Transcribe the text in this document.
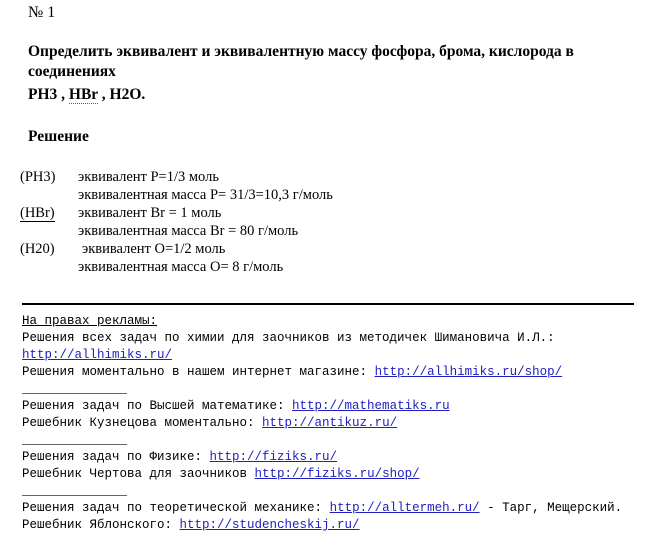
№ 1
Определить эквивалент и эквивалентную массу фосфора, брома, кислорода в соединениях
PH3 , HBr , H2O.
Решение
(PH3) эквивалент P=1/3 моль
эквивалентная масса P= 31/3=10,3 г/моль
(HBr) эквивалент Br = 1 моль
эквивалентная масса Br = 80 г/моль
(H20) эквивалент O=1/2 моль
эквивалентная масса O= 8 г/моль
На правах рекламы:
Решения всех задач по химии для заочников из методичек Шимановича И.Л.:
http://allhimiks.ru/
Решения моментально в нашем интернет магазине: http://allhimiks.ru/shop/
______________
Решения задач по Высшей математике: http://mathematiks.ru
Решебник Кузнецова моментально: http://antikuz.ru/
______________
Решения задач по Физике: http://fiziks.ru/
Решебник Чертова для заочников http://fiziks.ru/shop/
______________
Решения задач по теоретической механике: http://alltermeh.ru/ - Тарг, Мещерский.
Решебник Яблонского: http://studencheskij.ru/
